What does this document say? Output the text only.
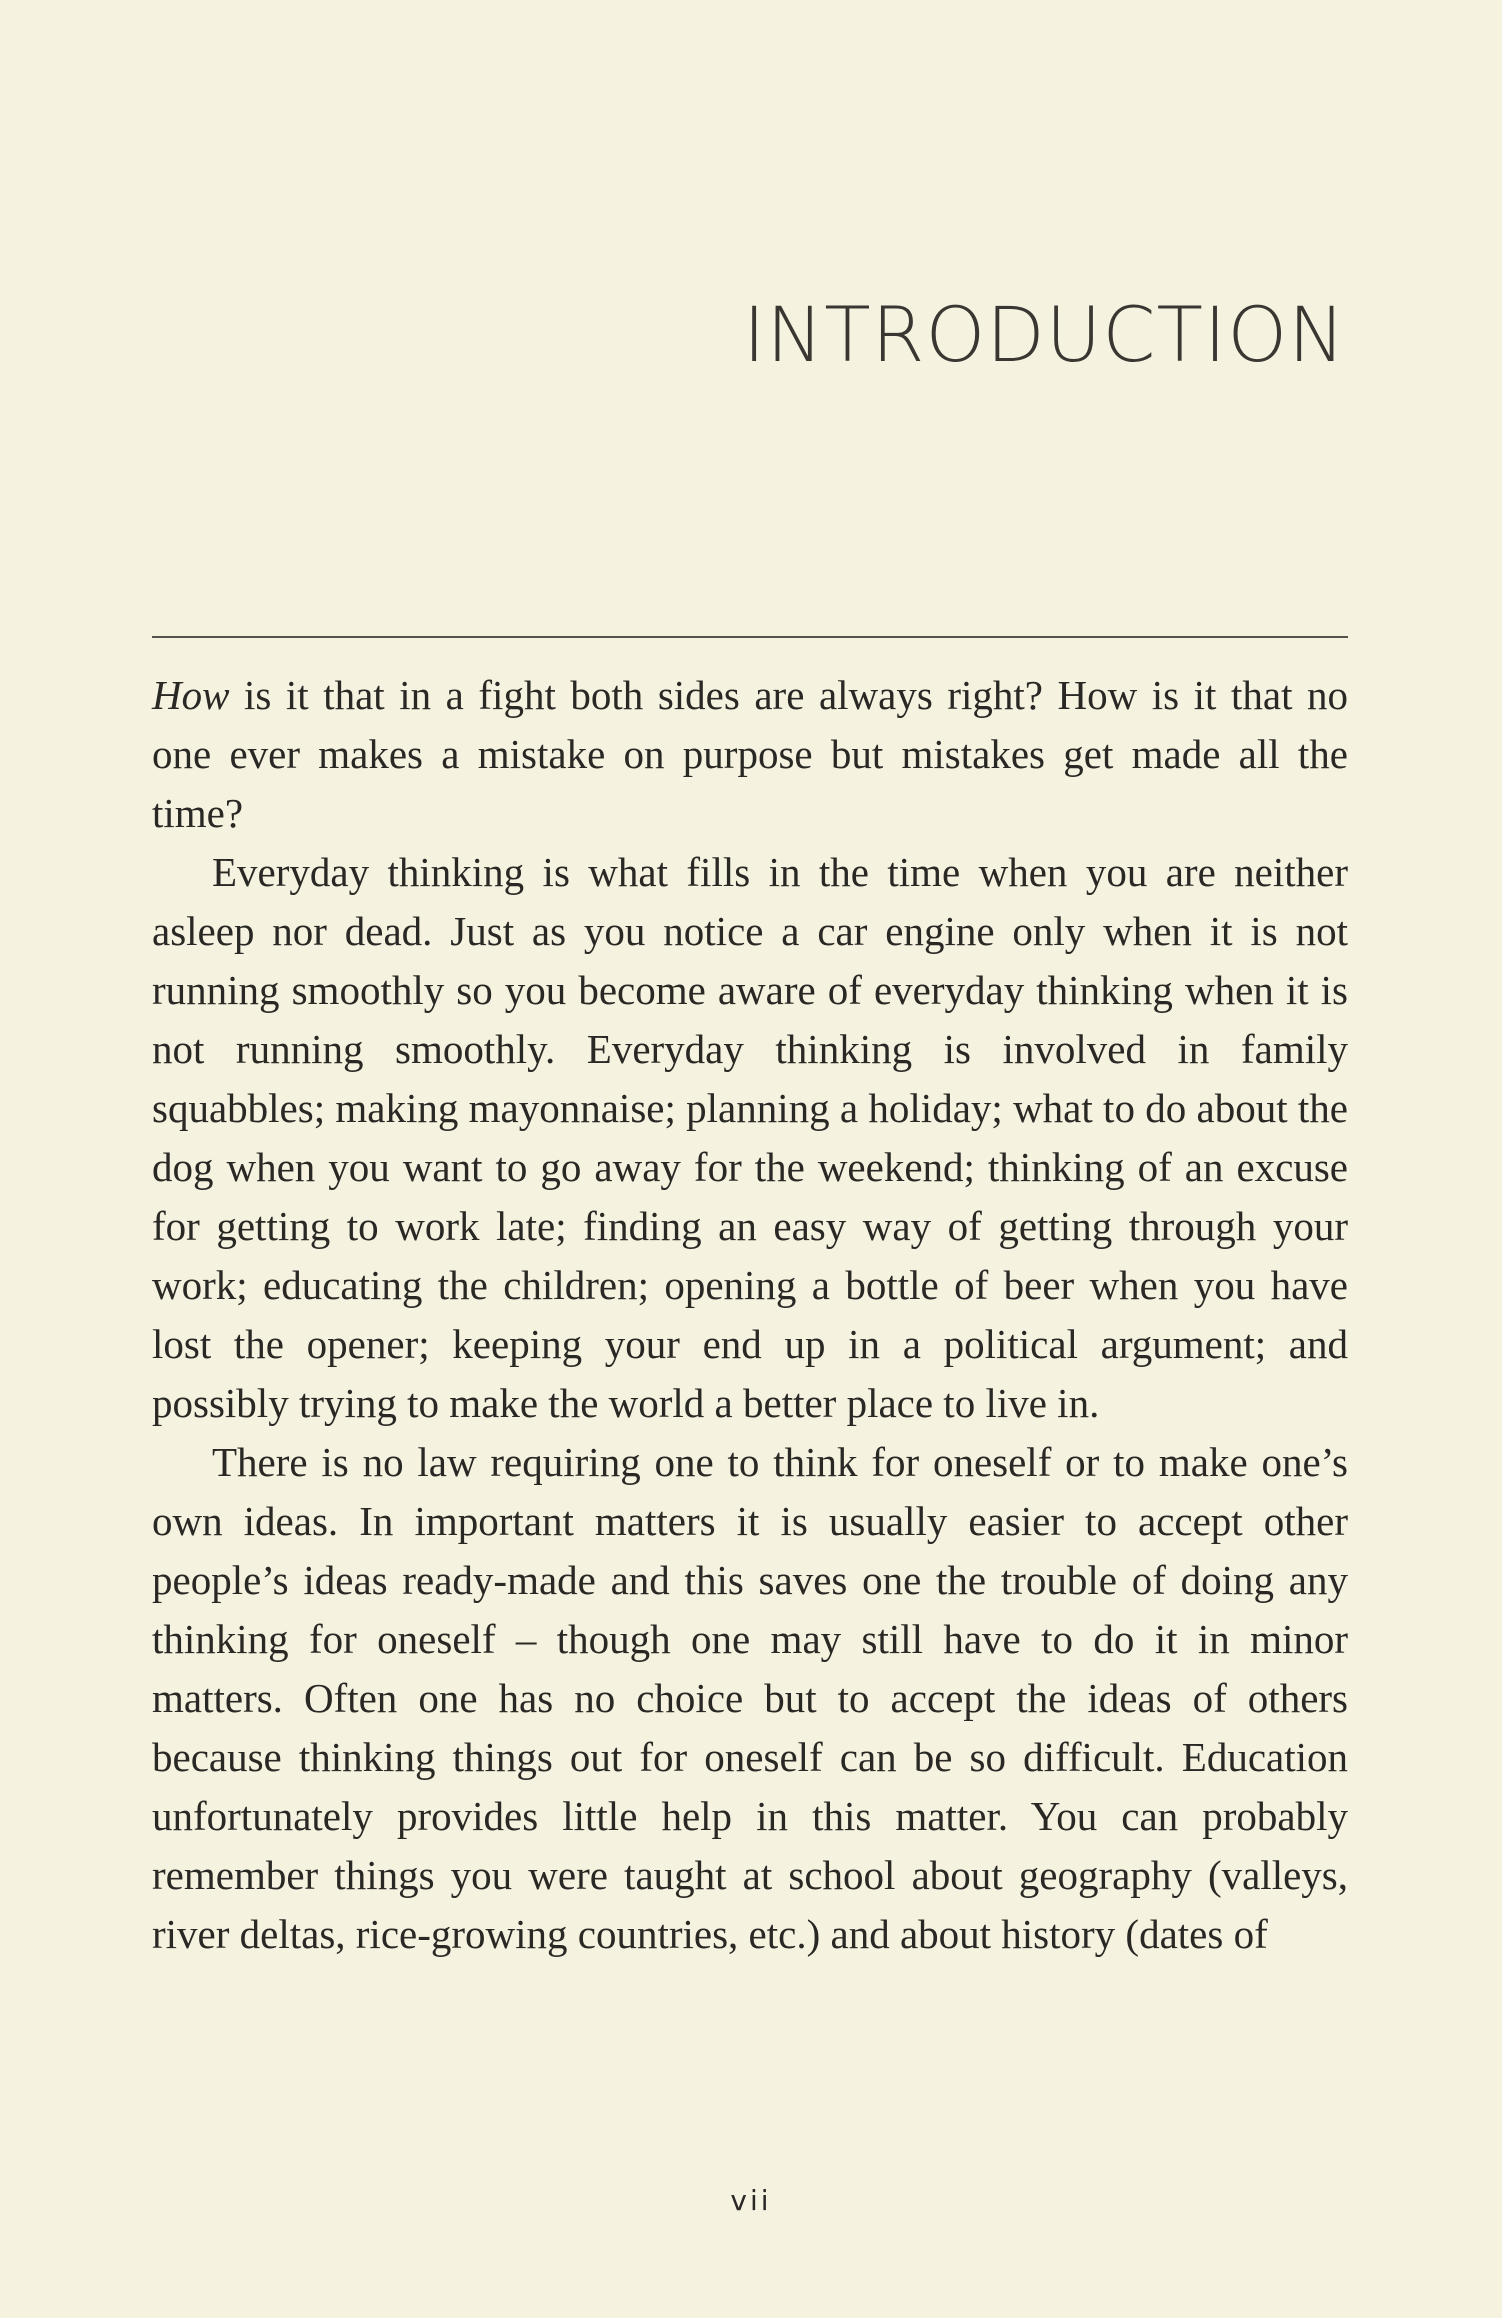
INTRODUCTION

How is it that in a fight both sides are always right? How is it that no one ever makes a mistake on purpose but mistakes get made all the time?

Everyday thinking is what fills in the time when you are neither asleep nor dead. Just as you notice a car engine only when it is not running smoothly so you become aware of everyday thinking when it is not running smoothly. Everyday thinking is involved in family squabbles; making mayonnaise; planning a holiday; what to do about the dog when you want to go away for the weekend; thinking of an excuse for getting to work late; finding an easy way of getting through your work; educating the children; opening a bottle of beer when you have lost the opener; keeping your end up in a political argument; and possibly trying to make the world a better place to live in.

There is no law requiring one to think for oneself or to make one’s own ideas. In important matters it is usually easier to accept other people’s ideas ready-made and this saves one the trouble of doing any thinking for oneself – though one may still have to do it in minor matters. Often one has no choice but to accept the ideas of others because thinking things out for oneself can be so difficult. Education unfortunately provides little help in this matter. You can probably remember things you were taught at school about geography (valleys, river deltas, rice-growing countries, etc.) and about history (dates of

vii
